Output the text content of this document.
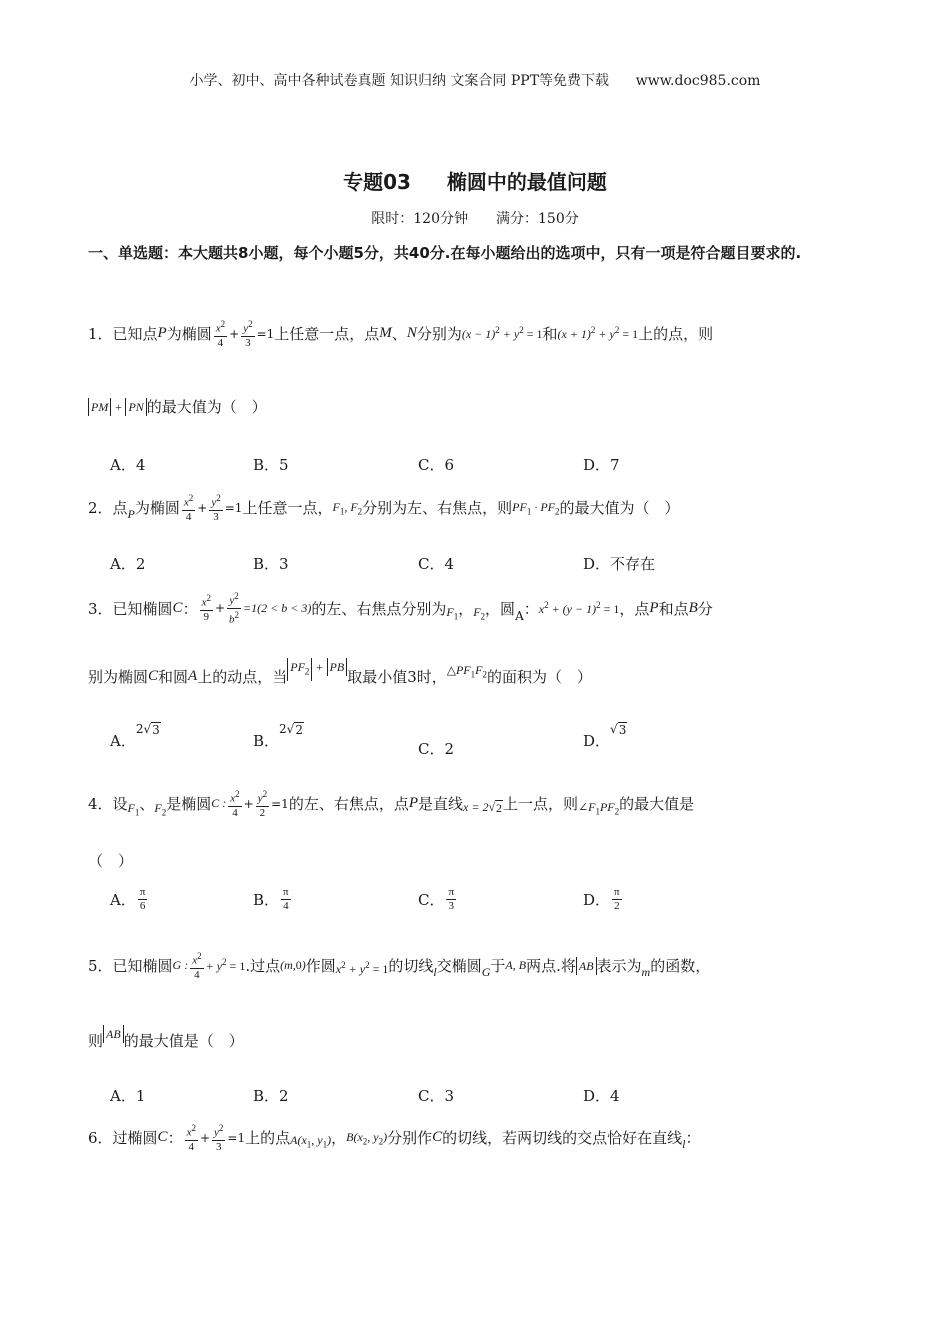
小学、初中、高中各种试卷真题 知识归纳 文案合同 PPT等免费下载 www.doc985.com
专题03 椭圆中的最值问题
限时：120分钟 满分：150分
一、单选题：本大题共8小题，每个小题5分，共40分.在每小题给出的选项中，只有一项是符合题目要求的.
1．已知点 P 为椭圆 $\frac{x^2}{4} + \frac{y^2}{3} =1$ 上任意一点，点 M 、 N 分别为 $(x - 1)^2 + y^2 = 1$ 和 $(x + 1)^2 + y^2 = 1$ 上的点，则
PM + PN 的最大值为（　）
A．4	B．5	C．6	D．7
2．点 P 为椭圆 $\frac{x^2}{4} + \frac{y^2}{3} =1$ 上任意一点， $F_1$, $F_2$ 分别为左、右焦点，则 $PF_1 \cdot PF_2$ 的最大值为（　）
A．2	B．3	C．4	D．不存在
3．已知椭圆 C ： $\frac{x^2}{9} + \frac{y^2}{b^2} =1(2 < b < 3)$ 的左、右焦点分别为 $F_1$ ， $F_2$ ，圆 A ： $x^2 + (y - 1)^2 = 1$ ，点 P 和点 B 分
别为椭圆 C 和圆 A 上的动点，当
$PF_2$ + PB
取最小值3时， $\triangle PF_1F_2$ 的面积为（　）
A．
2√ 3
B．
2√ 2
C．2	D．
√ 3
4．设 $F_1$ 、 $F_2$ 是椭圆 C : $\frac{x^2}{4} + \frac{y^2}{2} =1$ 的左、右焦点，点 P 是直线 x = 2√ 2 上一点，则 $\angle F_1PF_2$ 的最大值是
（　）
A． $\frac{\pi}{6}$	B． $\frac{\pi}{4}$	C． $\frac{\pi}{3}$	D． $\frac{\pi}{2}$
5．已知椭圆 G : $\frac{x^2}{4} + y^2 = 1$ .过点 (m,0) 作圆 $x^2 + y^2 = 1$ 的切线 l 交椭圆 G 于 A, B 两点.将 AB 表示为 m 的函数，
则 AB 的最大值是（　）
A．1	B．2	C．3	D．4
6．过椭圆 C ： $\frac{x^2}{4} + \frac{y^2}{3} =1$ 上的点 $A(x_1$, $y_1$) ， $B(x_2$, $y_2$) 分别作 C 的切线，若两切线的交点恰好在直线 l ：
